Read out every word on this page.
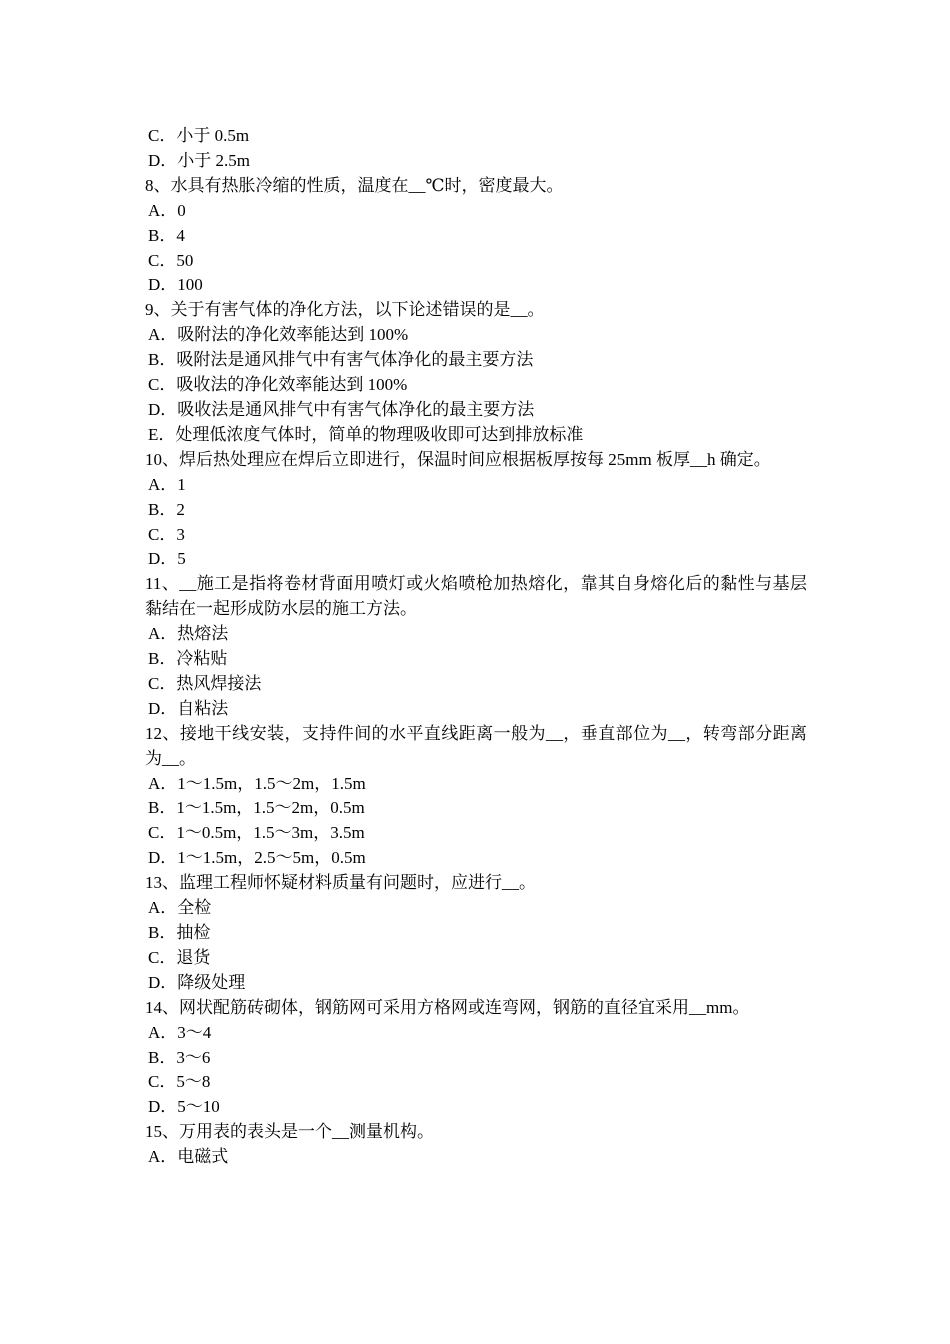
C．小于 0.5m
D．小于 2.5m
8、水具有热胀冷缩的性质，温度在__℃时，密度最大。
A．0
B．4
C．50
D．100
9、关于有害气体的净化方法，以下论述错误的是__。
A．吸附法的净化效率能达到 100%
B．吸附法是通风排气中有害气体净化的最主要方法
C．吸收法的净化效率能达到 100%
D．吸收法是通风排气中有害气体净化的最主要方法
E．处理低浓度气体时，简单的物理吸收即可达到排放标准
10、焊后热处理应在焊后立即进行，保温时间应根据板厚按每 25mm 板厚__h 确定。
A．1
B．2
C．3
D．5
11、__施工是指将卷材背面用喷灯或火焰喷枪加热熔化，靠其自身熔化后的黏性与基层黏结在一起形成防水层的施工方法。
A．热熔法
B．冷粘贴
C．热风焊接法
D．自粘法
12、接地干线安装，支持件间的水平直线距离一般为__，垂直部位为__，转弯部分距离为__。
A．1～1.5m，1.5～2m，1.5m
B．1～1.5m，1.5～2m，0.5m
C．1～0.5m，1.5～3m，3.5m
D．1～1.5m，2.5～5m，0.5m
13、监理工程师怀疑材料质量有问题时，应进行__。
A．全检
B．抽检
C．退货
D．降级处理
14、网状配筋砖砌体，钢筋网可采用方格网或连弯网，钢筋的直径宜采用__mm。
A．3～4
B．3～6
C．5～8
D．5～10
15、万用表的表头是一个__测量机构。
A．电磁式
